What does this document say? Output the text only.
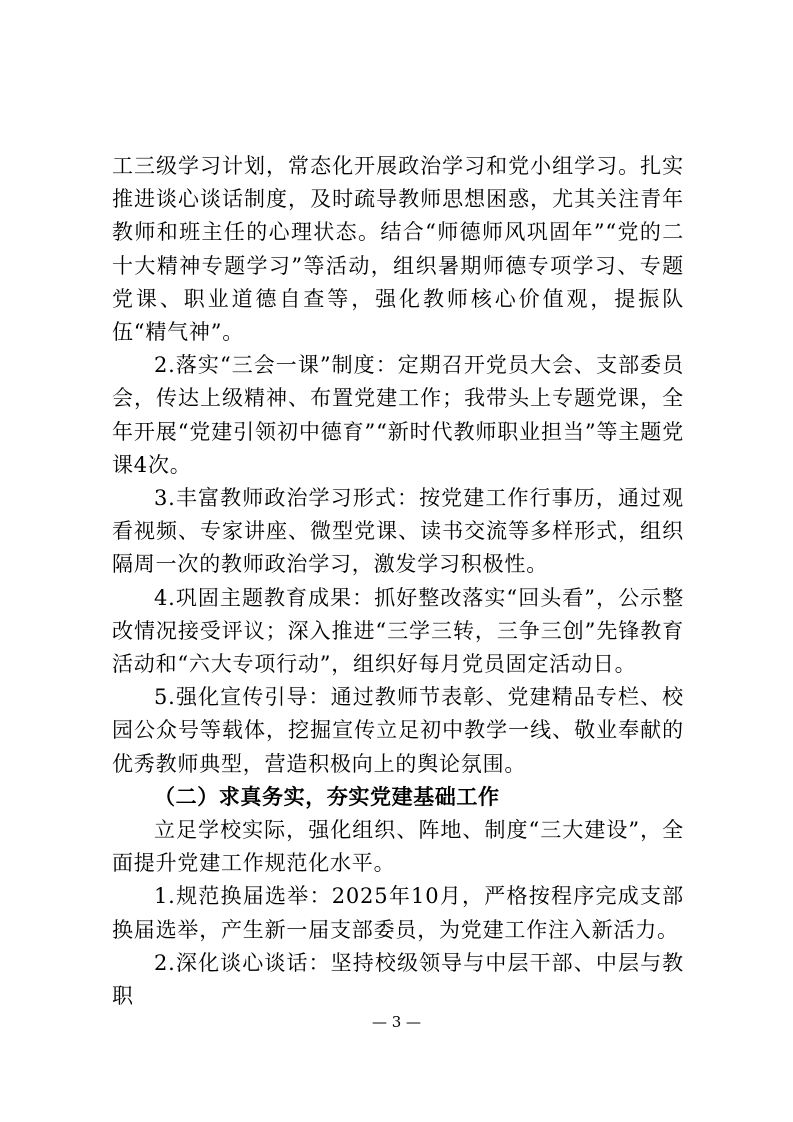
工三级学习计划，常态化开展政治学习和党小组学习。扎实推进谈心谈话制度，及时疏导教师思想困惑，尤其关注青年教师和班主任的心理状态。结合“师德师风巩固年”“党的二十大精神专题学习”等活动，组织暑期师德专项学习、专题党课、职业道德自查等，强化教师核心价值观，提振队伍“精气神”。

2.落实“三会一课”制度：定期召开党员大会、支部委员会，传达上级精神、布置党建工作；我带头上专题党课，全年开展“党建引领初中德育”“新时代教师职业担当”等主题党课4次。

3.丰富教师政治学习形式：按党建工作行事历，通过观看视频、专家讲座、微型党课、读书交流等多样形式，组织隔周一次的教师政治学习，激发学习积极性。

4.巩固主题教育成果：抓好整改落实“回头看”，公示整改情况接受评议；深入推进“三学三转，三争三创”先锋教育活动和“六大专项行动”，组织好每月党员固定活动日。

5.强化宣传引导：通过教师节表彰、党建精品专栏、校园公众号等载体，挖掘宣传立足初中教学一线、敬业奉献的优秀教师典型，营造积极向上的舆论氛围。

（二）求真务实，夯实党建基础工作

立足学校实际，强化组织、阵地、制度“三大建设”，全面提升党建工作规范化水平。

1.规范换届选举：2025年10月，严格按程序完成支部换届选举，产生新一届支部委员，为党建工作注入新活力。

2.深化谈心谈话：坚持校级领导与中层干部、中层与教职

— 3 —
